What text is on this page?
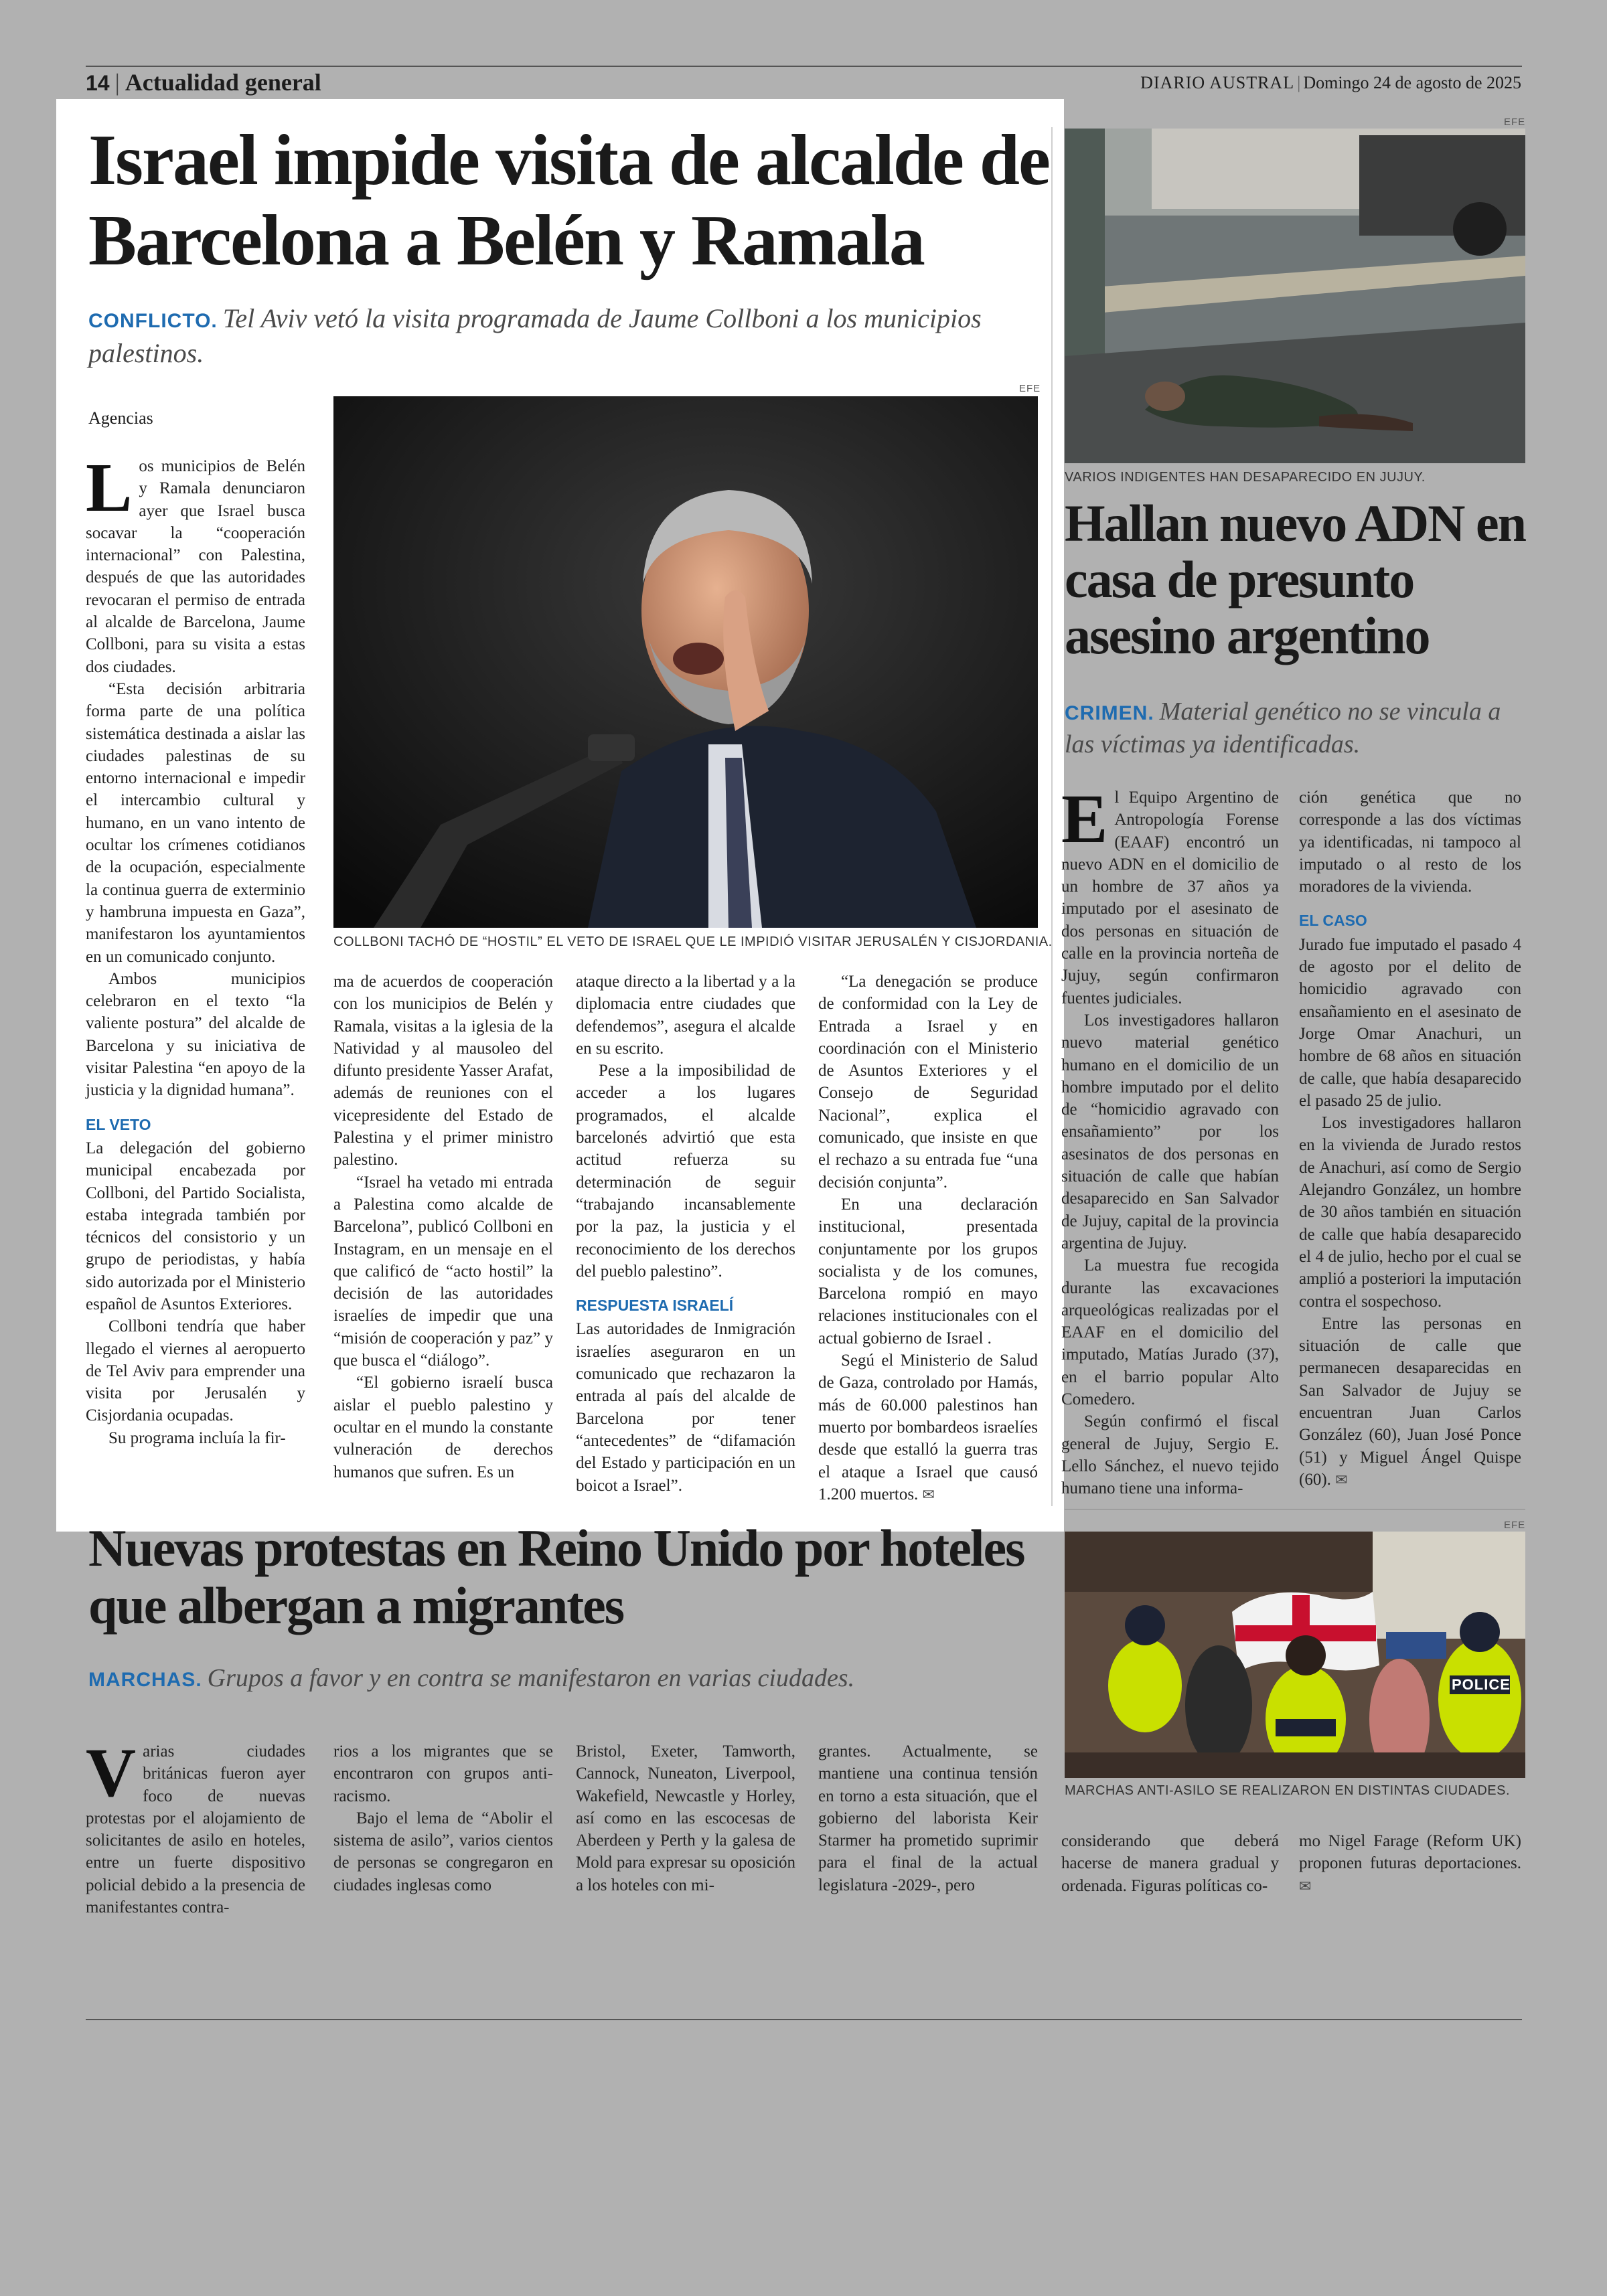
14 | Actualidad general	DIARIO AUSTRAL | Domingo 24 de agosto de 2025
Israel impide visita de alcalde de Barcelona a Belén y Ramala
CONFLICTO. Tel Aviv vetó la visita programada de Jaume Collboni a los municipios palestinos.
Agencias
EFE
COLLBONI TACHÓ DE “HOSTIL” EL VETO DE ISRAEL QUE LE IMPIDIÓ VISITAR JERUSALÉN Y CISJORDANIA.

Los municipios de Belén y Ramala denunciaron ayer que Israel busca socavar la “cooperación internacional” con Palestina, después de que las autoridades revocaran el permiso de entrada al alcalde de Barcelona, Jaume Collboni, para su visita a estas dos ciudades.

“Esta decisión arbitraria forma parte de una política sistemática destinada a aislar las ciudades palestinas de su entorno internacional e impedir el intercambio cultural y humano, en un vano intento de ocultar los crímenes cotidianos de la ocupación, especialmente la continua guerra de exterminio y hambruna impuesta en Gaza”, manifestaron los ayuntamientos en un comunicado conjunto.

Ambos municipios celebraron en el texto “la valiente postura” del alcalde de Barcelona y su iniciativa de visitar Palestina “en apoyo de la justicia y la dignidad humana”.

EL VETO

La delegación del gobierno municipal encabezada por Collboni, del Partido Socialista, estaba integrada también por técnicos del consistorio y un grupo de periodistas, y había sido autorizada por el Ministerio español de Asuntos Exteriores.

Collboni tendría que haber llegado el viernes al aeropuerto de Tel Aviv para emprender una visita por Jerusalén y Cisjordania ocupadas.

Su programa incluía la fir-

ma de acuerdos de cooperación con los municipios de Belén y Ramala, visitas a la iglesia de la Natividad y al mausoleo del difunto presidente Yasser Arafat, además de reuniones con el vicepresidente del Estado de Palestina y el primer ministro palestino.

“Israel ha vetado mi entrada a Palestina como alcalde de Barcelona”, publicó Collboni en Instagram, en un mensaje en el que calificó de “acto hostil” la decisión de las autoridades israelíes de impedir que una “misión de cooperación y paz” y que busca el “diálogo”.

“El gobierno israelí busca aislar el pueblo palestino y ocultar en el mundo la constante vulneración de derechos humanos que sufren. Es un

ataque directo a la libertad y a la diplomacia entre ciudades que defendemos”, asegura el alcalde en su escrito.

Pese a la imposibilidad de acceder a los lugares programados, el alcalde barcelonés advirtió que esta actitud refuerza su determinación de seguir “trabajando incansablemente por la paz, la justicia y el reconocimiento de los derechos del pueblo palestino”.

RESPUESTA ISRAELÍ

Las autoridades de Inmigración israelíes aseguraron en un comunicado que rechazaron la entrada al país del alcalde de Barcelona por tener “antecedentes” de “difamación del Estado y participación en un boicot a Israel”.

“La denegación se produce de conformidad con la Ley de Entrada a Israel y en coordinación con el Ministerio de Asuntos Exteriores y el Consejo de Seguridad Nacional”, explica el comunicado, que insiste en que el rechazo a su entrada fue “una decisión conjunta”.

En una declaración institucional, presentada conjuntamente por los grupos socialista y de los comunes, Barcelona rompió en mayo relaciones institucionales con el actual gobierno de Israel .

Segú el Ministerio de Salud de Gaza, controlado por Hamás, más de 60.000 palestinos han muerto por bombardeos israelíes desde que estalló la guerra tras el ataque a Israel que causó 1.200 muertos. ✉

EFE
VARIOS INDIGENTES HAN DESAPARECIDO EN JUJUY.
Hallan nuevo ADN en casa de presunto asesino argentino
CRIMEN. Material genético no se vincula a las víctimas ya identificadas.

El Equipo Argentino de Antropología Forense (EAAF) encontró un nuevo ADN en el domicilio de un hombre de 37 años ya imputado por el asesinato de dos personas en situación de calle en la provincia norteña de Jujuy, según confirmaron fuentes judiciales.

Los investigadores hallaron nuevo material genético humano en el domicilio de un hombre imputado por el delito de “homicidio agravado con ensañamiento” por los asesinatos de dos personas en situación de calle que habían desaparecido en San Salvador de Jujuy, capital de la provincia argentina de Jujuy.

La muestra fue recogida durante las excavaciones arqueológicas realizadas por el EAAF en el domicilio del imputado, Matías Jurado (37), en el barrio popular Alto Comedero.

Según confirmó el fiscal general de Jujuy, Sergio E. Lello Sánchez, el nuevo tejido humano tiene una informa-

ción genética que no corresponde a las dos víctimas ya identificadas, ni tampoco al imputado o al resto de los moradores de la vivienda.

EL CASO

Jurado fue imputado el pasado 4 de agosto por el delito de homicidio agravado con ensañamiento en el asesinato de Jorge Omar Anachuri, un hombre de 68 años en situación de calle, que había desaparecido el pasado 25 de julio.

Los investigadores hallaron en la vivienda de Jurado restos de Anachuri, así como de Sergio Alejandro González, un hombre de 30 años también en situación de calle que había desaparecido el 4 de julio, hecho por el cual se amplió a posteriori la imputación contra el sospechoso.

Entre las personas en situación de calle que permanecen desaparecidas en San Salvador de Jujuy se encuentran Juan Carlos González (60), Juan José Ponce (51) y Miguel Ángel Quispe (60). ✉

Nuevas protestas en Reino Unido por hoteles que albergan a migrantes
MARCHAS. Grupos a favor y en contra se manifestaron en varias ciudades.
EFE
POLICE
MARCHAS ANTI-ASILO SE REALIZARON EN DISTINTAS CIUDADES.

Varias ciudades británicas fueron ayer foco de nuevas protestas por el alojamiento de solicitantes de asilo en hoteles, entre un fuerte dispositivo policial debido a la presencia de manifestantes contra-

rios a los migrantes que se encontraron con grupos anti-racismo.

Bajo el lema de “Abolir el sistema de asilo”, varios cientos de personas se congregaron en ciudades inglesas como

Bristol, Exeter, Tamworth, Cannock, Nuneaton, Liverpool, Wakefield, Newcastle y Horley, así como en las escocesas de Aberdeen y Perth y la galesa de Mold para expresar su oposición a los hoteles con mi-

grantes. Actualmente, se mantiene una continua tensión en torno a esta situación, que el gobierno del laborista Keir Starmer ha prometido suprimir para el final de la actual legislatura -2029-, pero

considerando que deberá hacerse de manera gradual y ordenada. Figuras políticas co-

mo Nigel Farage (Reform UK) proponen futuras deportaciones. ✉
